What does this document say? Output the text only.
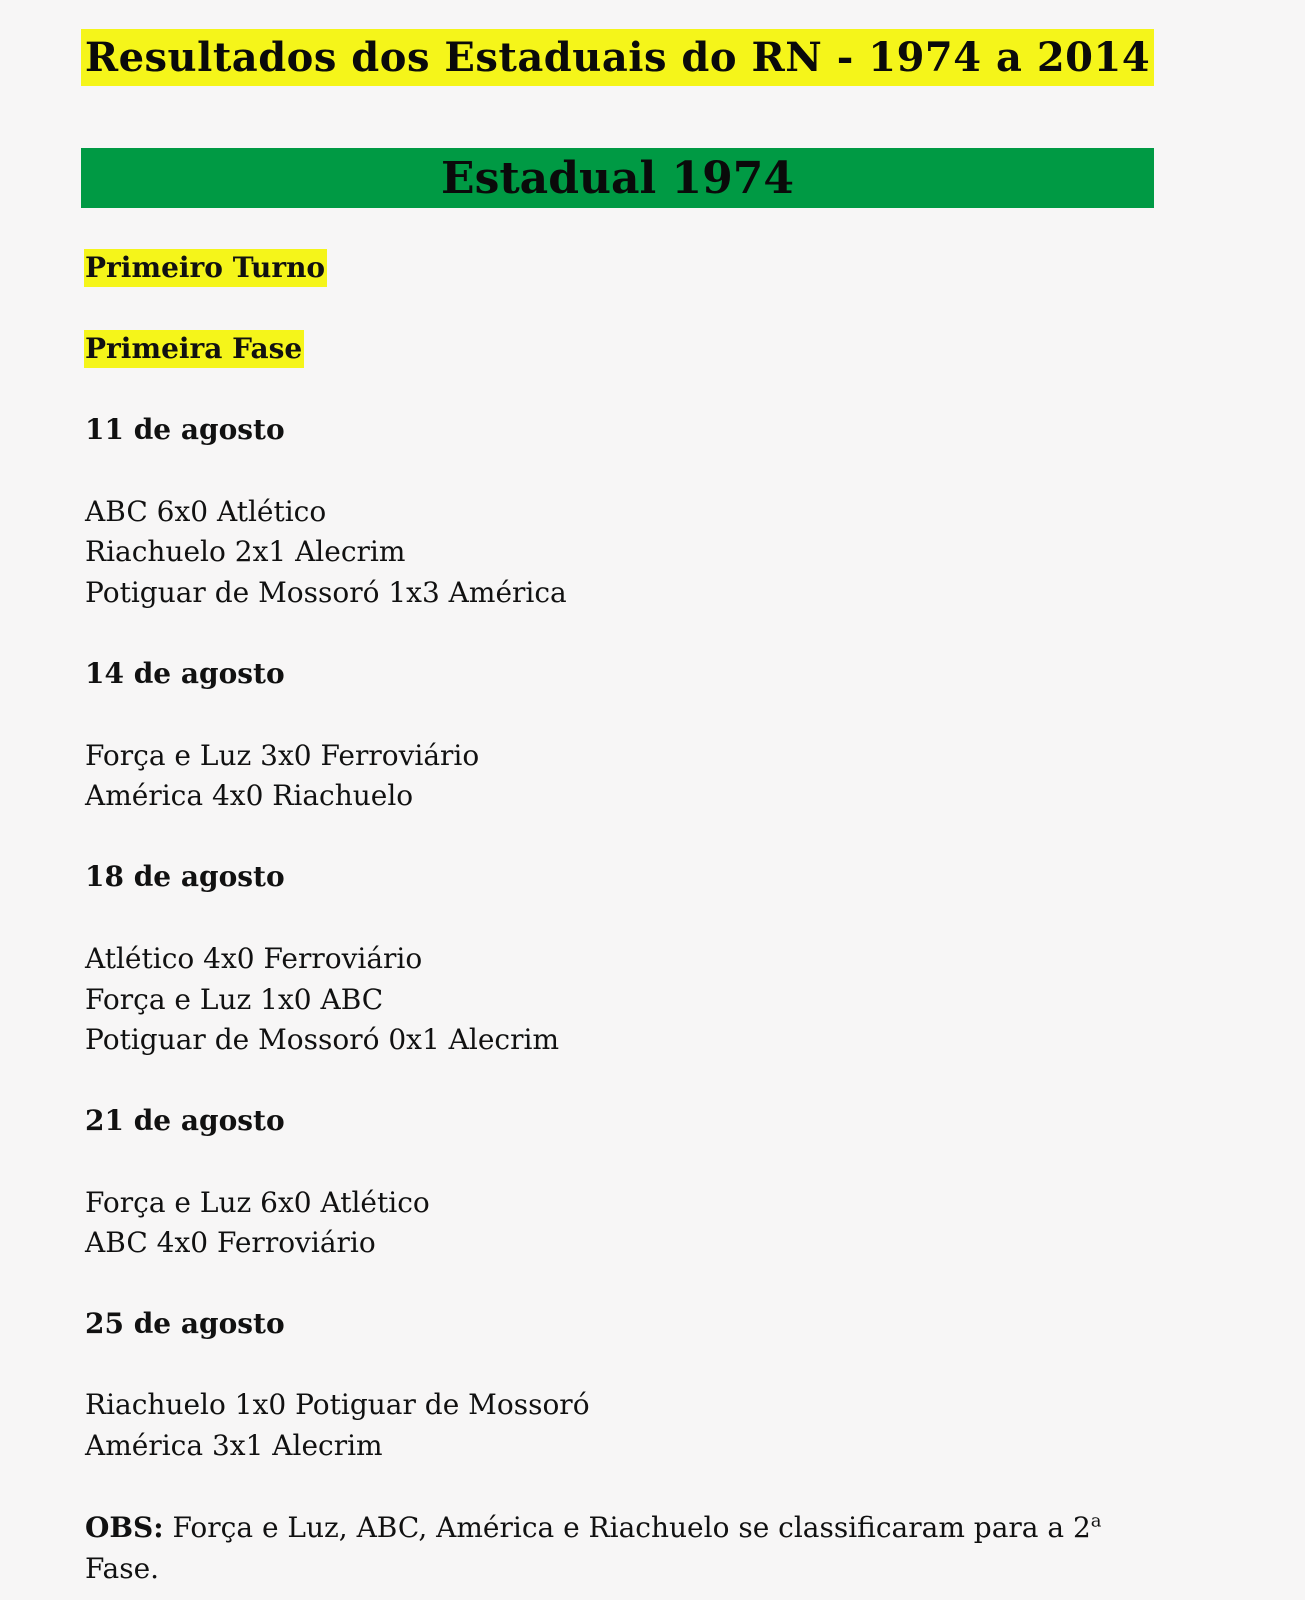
Resultados dos Estaduais do RN - 1974 a 2014
Estadual 1974
Primeiro Turno
Primeira Fase
11 de agosto
ABC 6x0 Atlético
Riachuelo 2x1 Alecrim
Potiguar de Mossoró 1x3 América
14 de agosto
Força e Luz 3x0 Ferroviário
América 4x0 Riachuelo
18 de agosto
Atlético 4x0 Ferroviário
Força e Luz 1x0 ABC
Potiguar de Mossoró 0x1 Alecrim
21 de agosto
Força e Luz 6x0 Atlético
ABC 4x0 Ferroviário
25 de agosto
Riachuelo 1x0 Potiguar de Mossoró
América 3x1 Alecrim
OBS: Força e Luz, ABC, América e Riachuelo se classificaram para a 2$^a$ Fase.
